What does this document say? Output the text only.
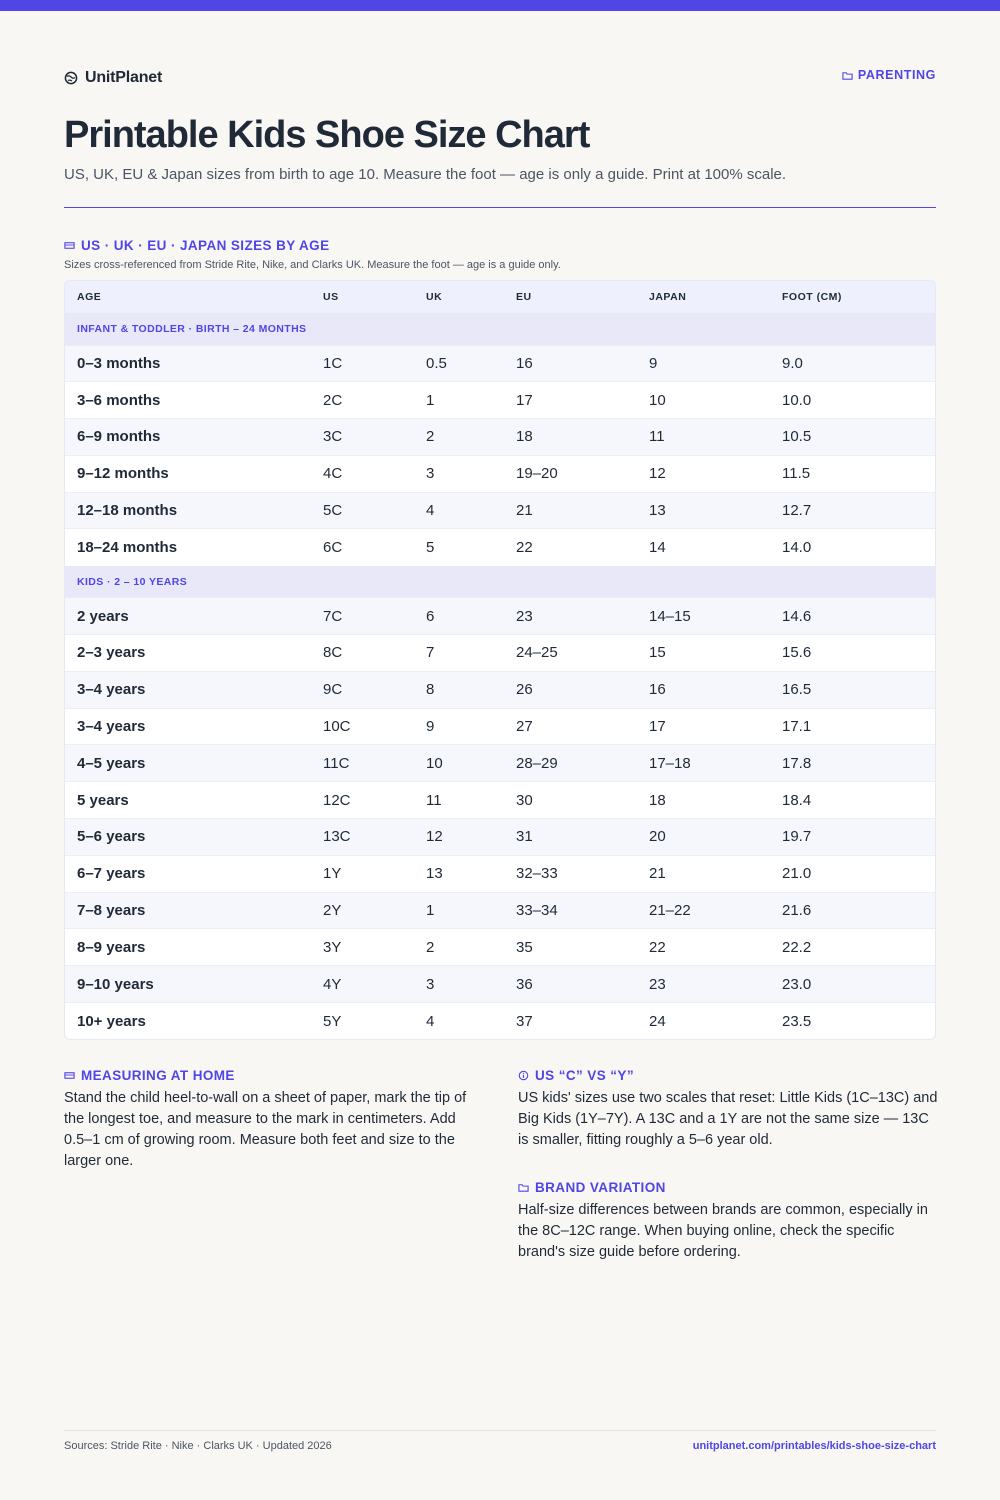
UnitPlanet	PARENTING
Printable Kids Shoe Size Chart
US, UK, EU & Japan sizes from birth to age 10. Measure the foot — age is only a guide. Print at 100% scale.
US · UK · EU · JAPAN SIZES BY AGE
Sizes cross-referenced from Stride Rite, Nike, and Clarks UK. Measure the foot — age is a guide only.
AGE	US	UK	EU	JAPAN	FOOT (CM)
INFANT & TODDLER · BIRTH – 24 MONTHS					
0–3 months	1C	0.5	16	9	9.0
3–6 months	2C	1	17	10	10.0
6–9 months	3C	2	18	11	10.5
9–12 months	4C	3	19–20	12	11.5
12–18 months	5C	4	21	13	12.7
18–24 months	6C	5	22	14	14.0
KIDS · 2 – 10 YEARS					
2 years	7C	6	23	14–15	14.6
2–3 years	8C	7	24–25	15	15.6
3–4 years	9C	8	26	16	16.5
3–4 years	10C	9	27	17	17.1
4–5 years	11C	10	28–29	17–18	17.8
5 years	12C	11	30	18	18.4
5–6 years	13C	12	31	20	19.7
6–7 years	1Y	13	32–33	21	21.0
7–8 years	2Y	1	33–34	21–22	21.6
8–9 years	3Y	2	35	22	22.2
9–10 years	4Y	3	36	23	23.0
10+ years	5Y	4	37	24	23.5
MEASURING AT HOME

Stand the child heel-to-wall on a sheet of paper, mark the tip of the longest toe, and measure to the mark in centimeters. Add 0.5–1 cm of growing room. Measure both feet and size to the larger one.

US “C” VS “Y”

US kids' sizes use two scales that reset: Little Kids (1C–13C) and Big Kids (1Y–7Y). A 13C and a 1Y are not the same size — 13C is smaller, fitting roughly a 5–6 year old.

BRAND VARIATION

Half-size differences between brands are common, especially in the 8C–12C range. When buying online, check the specific brand's size guide before ordering.

Sources: Stride Rite · Nike · Clarks UK · Updated 2026	unitplanet.com/printables/kids-shoe-size-chart
